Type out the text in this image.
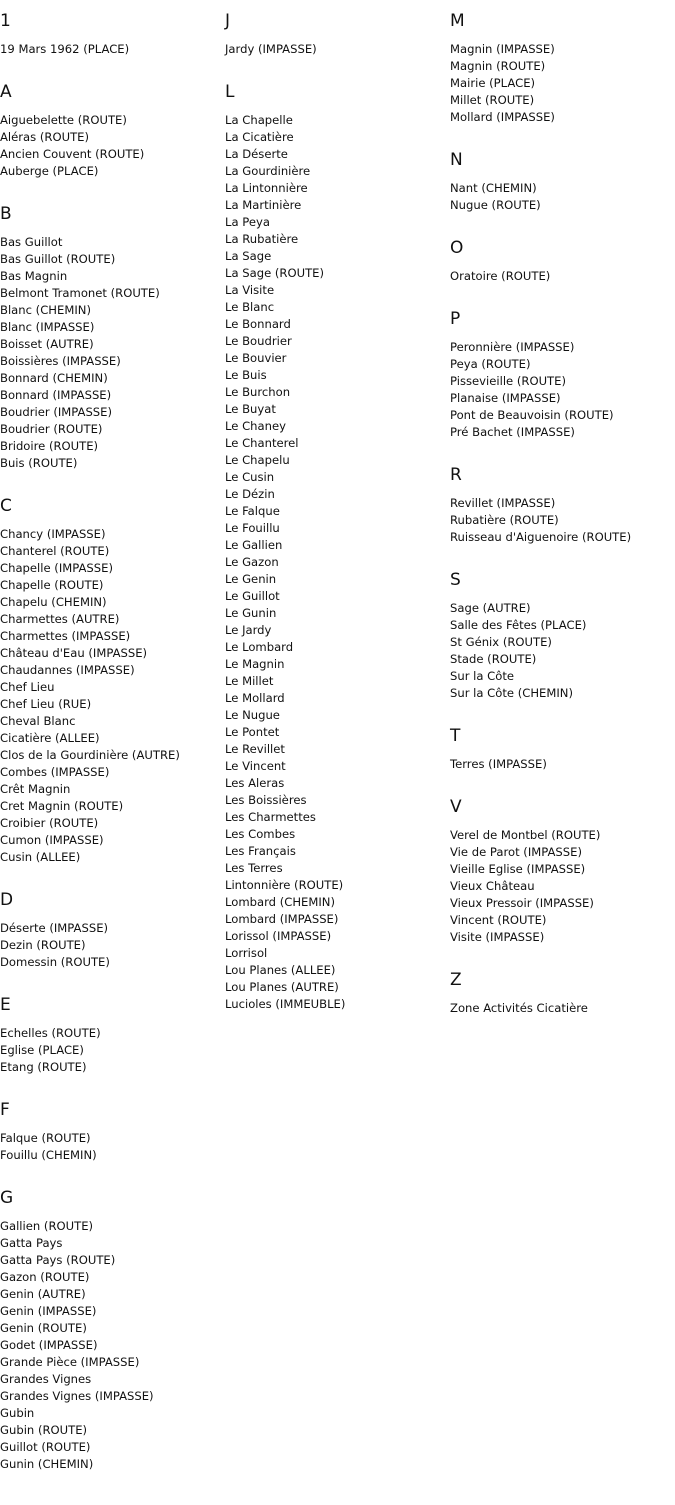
1
19 Mars 1962 (PLACE)
A
Aiguebelette (ROUTE)
Aléras (ROUTE)
Ancien Couvent (ROUTE)
Auberge (PLACE)
B
Bas Guillot
Bas Guillot (ROUTE)
Bas Magnin
Belmont Tramonet (ROUTE)
Blanc (CHEMIN)
Blanc (IMPASSE)
Boisset (AUTRE)
Boissières (IMPASSE)
Bonnard (CHEMIN)
Bonnard (IMPASSE)
Boudrier (IMPASSE)
Boudrier (ROUTE)
Bridoire (ROUTE)
Buis (ROUTE)
C
Chancy (IMPASSE)
Chanterel (ROUTE)
Chapelle (IMPASSE)
Chapelle (ROUTE)
Chapelu (CHEMIN)
Charmettes (AUTRE)
Charmettes (IMPASSE)
Château d'Eau (IMPASSE)
Chaudannes (IMPASSE)
Chef Lieu
Chef Lieu (RUE)
Cheval Blanc
Cicatière (ALLEE)
Clos de la Gourdinière (AUTRE)
Combes (IMPASSE)
Crêt Magnin
Cret Magnin (ROUTE)
Croibier (ROUTE)
Cumon (IMPASSE)
Cusin (ALLEE)
D
Déserte (IMPASSE)
Dezin (ROUTE)
Domessin (ROUTE)
E
Echelles (ROUTE)
Eglise (PLACE)
Etang (ROUTE)
F
Falque (ROUTE)
Fouillu (CHEMIN)
G
Gallien (ROUTE)
Gatta Pays
Gatta Pays (ROUTE)
Gazon (ROUTE)
Genin (AUTRE)
Genin (IMPASSE)
Genin (ROUTE)
Godet (IMPASSE)
Grande Pièce (IMPASSE)
Grandes Vignes
Grandes Vignes (IMPASSE)
Gubin
Gubin (ROUTE)
Guillot (ROUTE)
Gunin (CHEMIN)
J
Jardy (IMPASSE)
L
La Chapelle
La Cicatière
La Déserte
La Gourdinière
La Lintonnière
La Martinière
La Peya
La Rubatière
La Sage
La Sage (ROUTE)
La Visite
Le Blanc
Le Bonnard
Le Boudrier
Le Bouvier
Le Buis
Le Burchon
Le Buyat
Le Chaney
Le Chanterel
Le Chapelu
Le Cusin
Le Dézin
Le Falque
Le Fouillu
Le Gallien
Le Gazon
Le Genin
Le Guillot
Le Gunin
Le Jardy
Le Lombard
Le Magnin
Le Millet
Le Mollard
Le Nugue
Le Pontet
Le Revillet
Le Vincent
Les Aleras
Les Boissières
Les Charmettes
Les Combes
Les Français
Les Terres
Lintonnière (ROUTE)
Lombard (CHEMIN)
Lombard (IMPASSE)
Lorissol (IMPASSE)
Lorrisol
Lou Planes (ALLEE)
Lou Planes (AUTRE)
Lucioles (IMMEUBLE)
M
Magnin (IMPASSE)
Magnin (ROUTE)
Mairie (PLACE)
Millet (ROUTE)
Mollard (IMPASSE)
N
Nant (CHEMIN)
Nugue (ROUTE)
O
Oratoire (ROUTE)
P
Peronnière (IMPASSE)
Peya (ROUTE)
Pissevieille (ROUTE)
Planaise (IMPASSE)
Pont de Beauvoisin (ROUTE)
Pré Bachet (IMPASSE)
R
Revillet (IMPASSE)
Rubatière (ROUTE)
Ruisseau d'Aiguenoire (ROUTE)
S
Sage (AUTRE)
Salle des Fêtes (PLACE)
St Génix (ROUTE)
Stade (ROUTE)
Sur la Côte
Sur la Côte (CHEMIN)
T
Terres (IMPASSE)
V
Verel de Montbel (ROUTE)
Vie de Parot (IMPASSE)
Vieille Eglise (IMPASSE)
Vieux Château
Vieux Pressoir (IMPASSE)
Vincent (ROUTE)
Visite (IMPASSE)
Z
Zone Activités Cicatière
